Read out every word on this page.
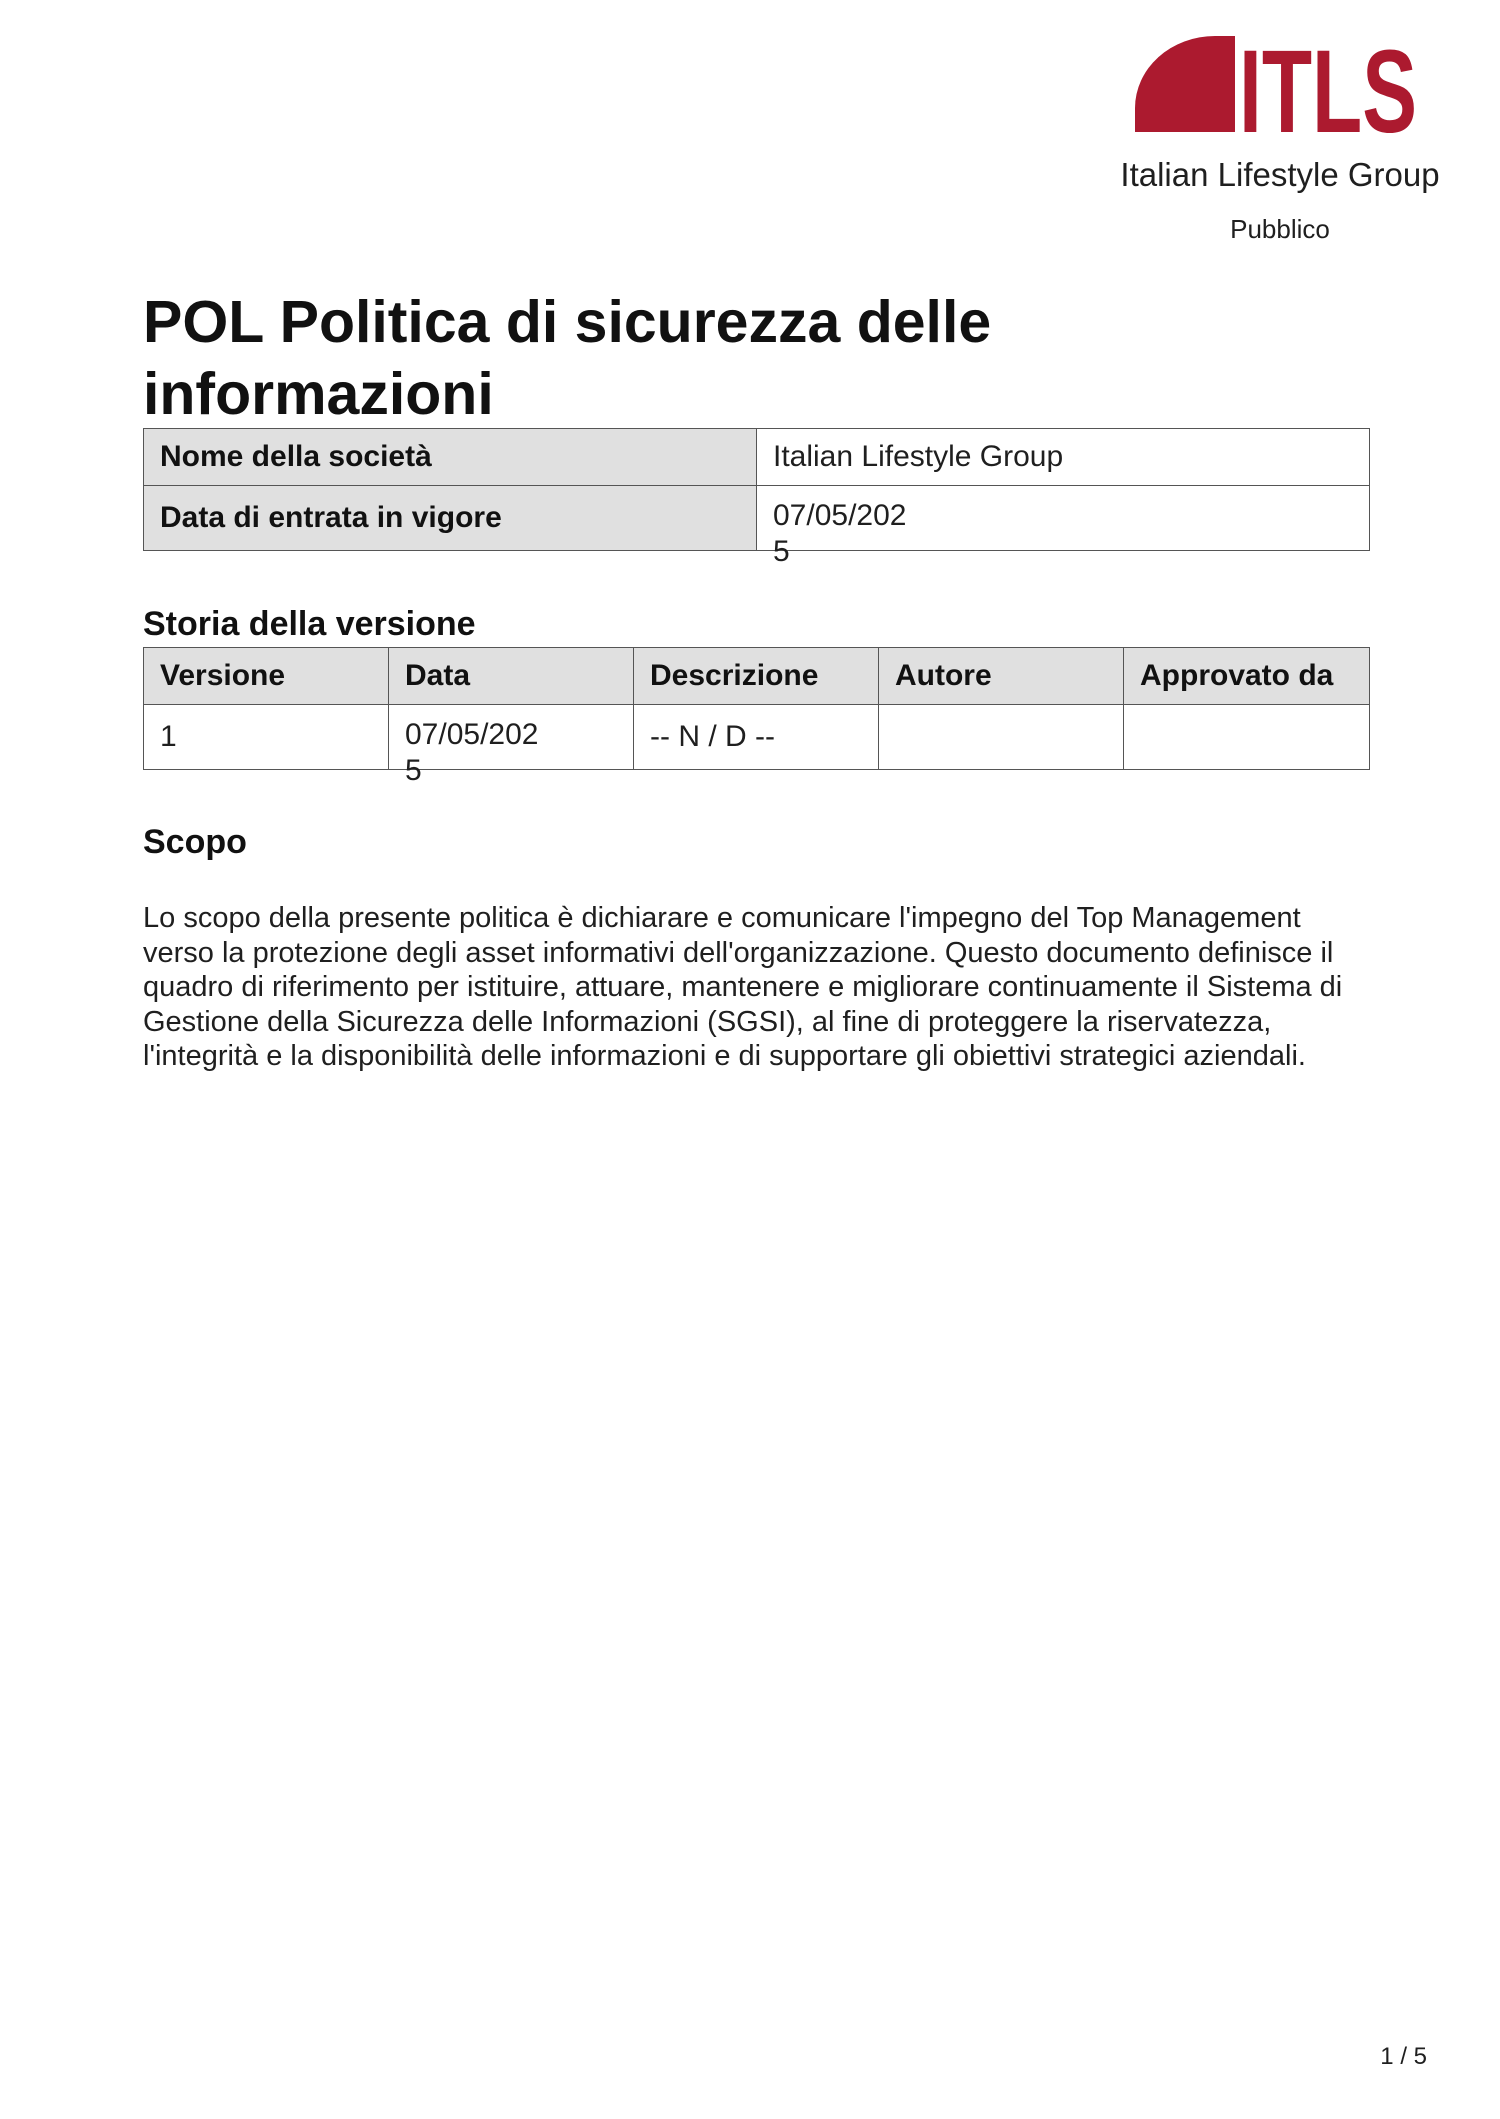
ITLS
Italian Lifestyle Group
Pubblico
POL Politica di sicurezza delle informazioni
Nome della società	Italian Lifestyle Group
Data di entrata in vigore	07/05/2025
Storia della versione
Versione	Data	Descrizione	Autore	Approvato da
1	07/05/2025	-- N / D --		
Scopo

Lo scopo della presente politica è dichiarare e comunicare l'impegno del Top Management verso la protezione degli asset informativi dell'organizzazione. Questo documento definisce il quadro di riferimento per istituire, attuare, mantenere e migliorare continuamente il Sistema di Gestione della Sicurezza delle Informazioni (SGSI), al fine di proteggere la riservatezza, l'integrità e la disponibilità delle informazioni e di supportare gli obiettivi strategici aziendali.

1 / 5
